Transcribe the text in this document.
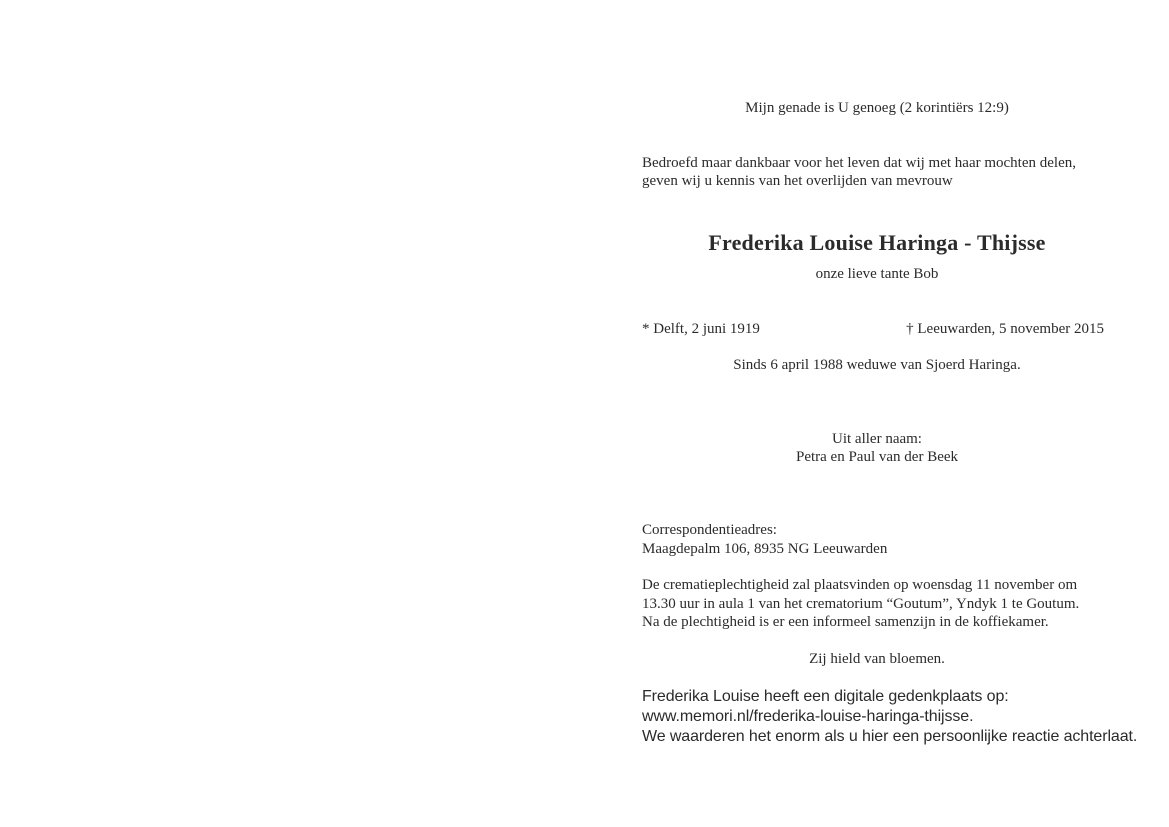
Mijn genade is U genoeg (2 korintiërs 12:9)
Bedroefd maar dankbaar voor het leven dat wij met haar mochten delen,
geven wij u kennis van het overlijden van mevrouw
Frederika Louise Haringa - Thijsse
onze lieve tante Bob
* Delft, 2 juni 1919	† Leeuwarden, 5 november 2015
Sinds 6 april 1988 weduwe van Sjoerd Haringa.
Uit aller naam:
Petra en Paul van der Beek
Correspondentieadres:
Maagdepalm 106, 8935 NG Leeuwarden
De crematieplechtigheid zal plaatsvinden op woensdag 11 november om
13.30 uur in aula 1 van het crematorium “Goutum”, Yndyk 1 te Goutum.
Na de plechtigheid is er een informeel samenzijn in de koffiekamer.
Zij hield van bloemen.
Frederika Louise heeft een digitale gedenkplaats op:
www.memori.nl/frederika-louise-haringa-thijsse.
We waarderen het enorm als u hier een persoonlijke reactie achterlaat.
